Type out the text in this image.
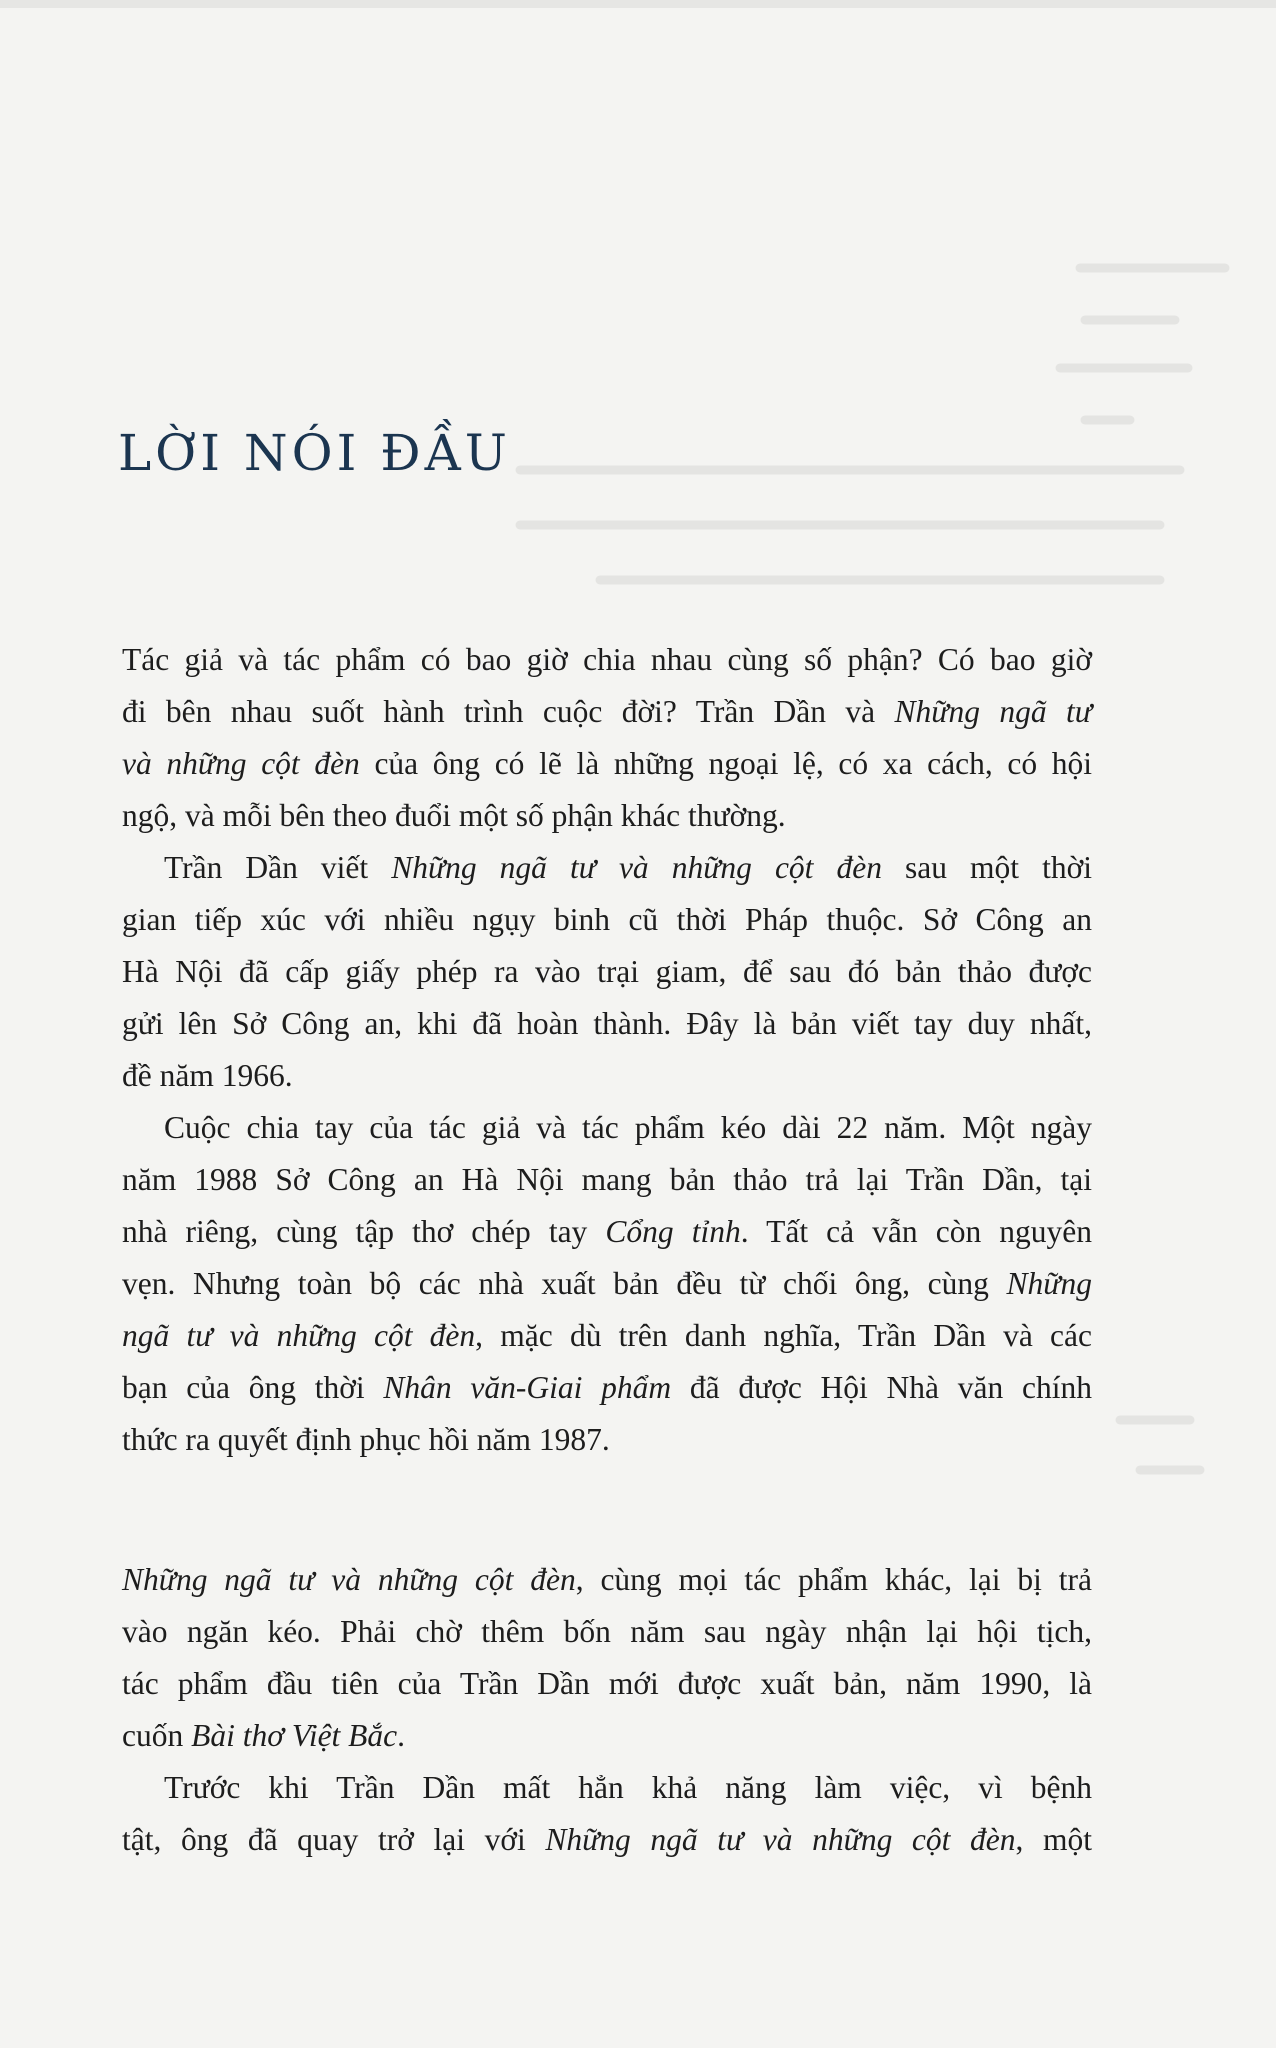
LỜI NÓI ĐẦU
Tác giả và tác phẩm có bao giờ chia nhau cùng số phận? Có bao giờ
đi bên nhau suốt hành trình cuộc đời? Trần Dần và Những ngã tư
và những cột đèn của ông có lẽ là những ngoại lệ, có xa cách, có hội
ngộ, và mỗi bên theo đuổi một số phận khác thường.
Trần Dần viết Những ngã tư và những cột đèn sau một thời
gian tiếp xúc với nhiều ngụy binh cũ thời Pháp thuộc. Sở Công an
Hà Nội đã cấp giấy phép ra vào trại giam, để sau đó bản thảo được
gửi lên Sở Công an, khi đã hoàn thành. Đây là bản viết tay duy nhất,
đề năm 1966.
Cuộc chia tay của tác giả và tác phẩm kéo dài 22 năm. Một ngày
năm 1988 Sở Công an Hà Nội mang bản thảo trả lại Trần Dần, tại
nhà riêng, cùng tập thơ chép tay Cổng tỉnh. Tất cả vẫn còn nguyên
vẹn. Nhưng toàn bộ các nhà xuất bản đều từ chối ông, cùng Những
ngã tư và những cột đèn, mặc dù trên danh nghĩa, Trần Dần và các
bạn của ông thời Nhân văn-Giai phẩm đã được Hội Nhà văn chính
thức ra quyết định phục hồi năm 1987.
Những ngã tư và những cột đèn, cùng mọi tác phẩm khác, lại bị trả
vào ngăn kéo. Phải chờ thêm bốn năm sau ngày nhận lại hội tịch,
tác phẩm đầu tiên của Trần Dần mới được xuất bản, năm 1990, là
cuốn Bài thơ Việt Bắc.
Trước khi Trần Dần mất hẳn khả năng làm việc, vì bệnh
tật, ông đã quay trở lại với Những ngã tư và những cột đèn, một
